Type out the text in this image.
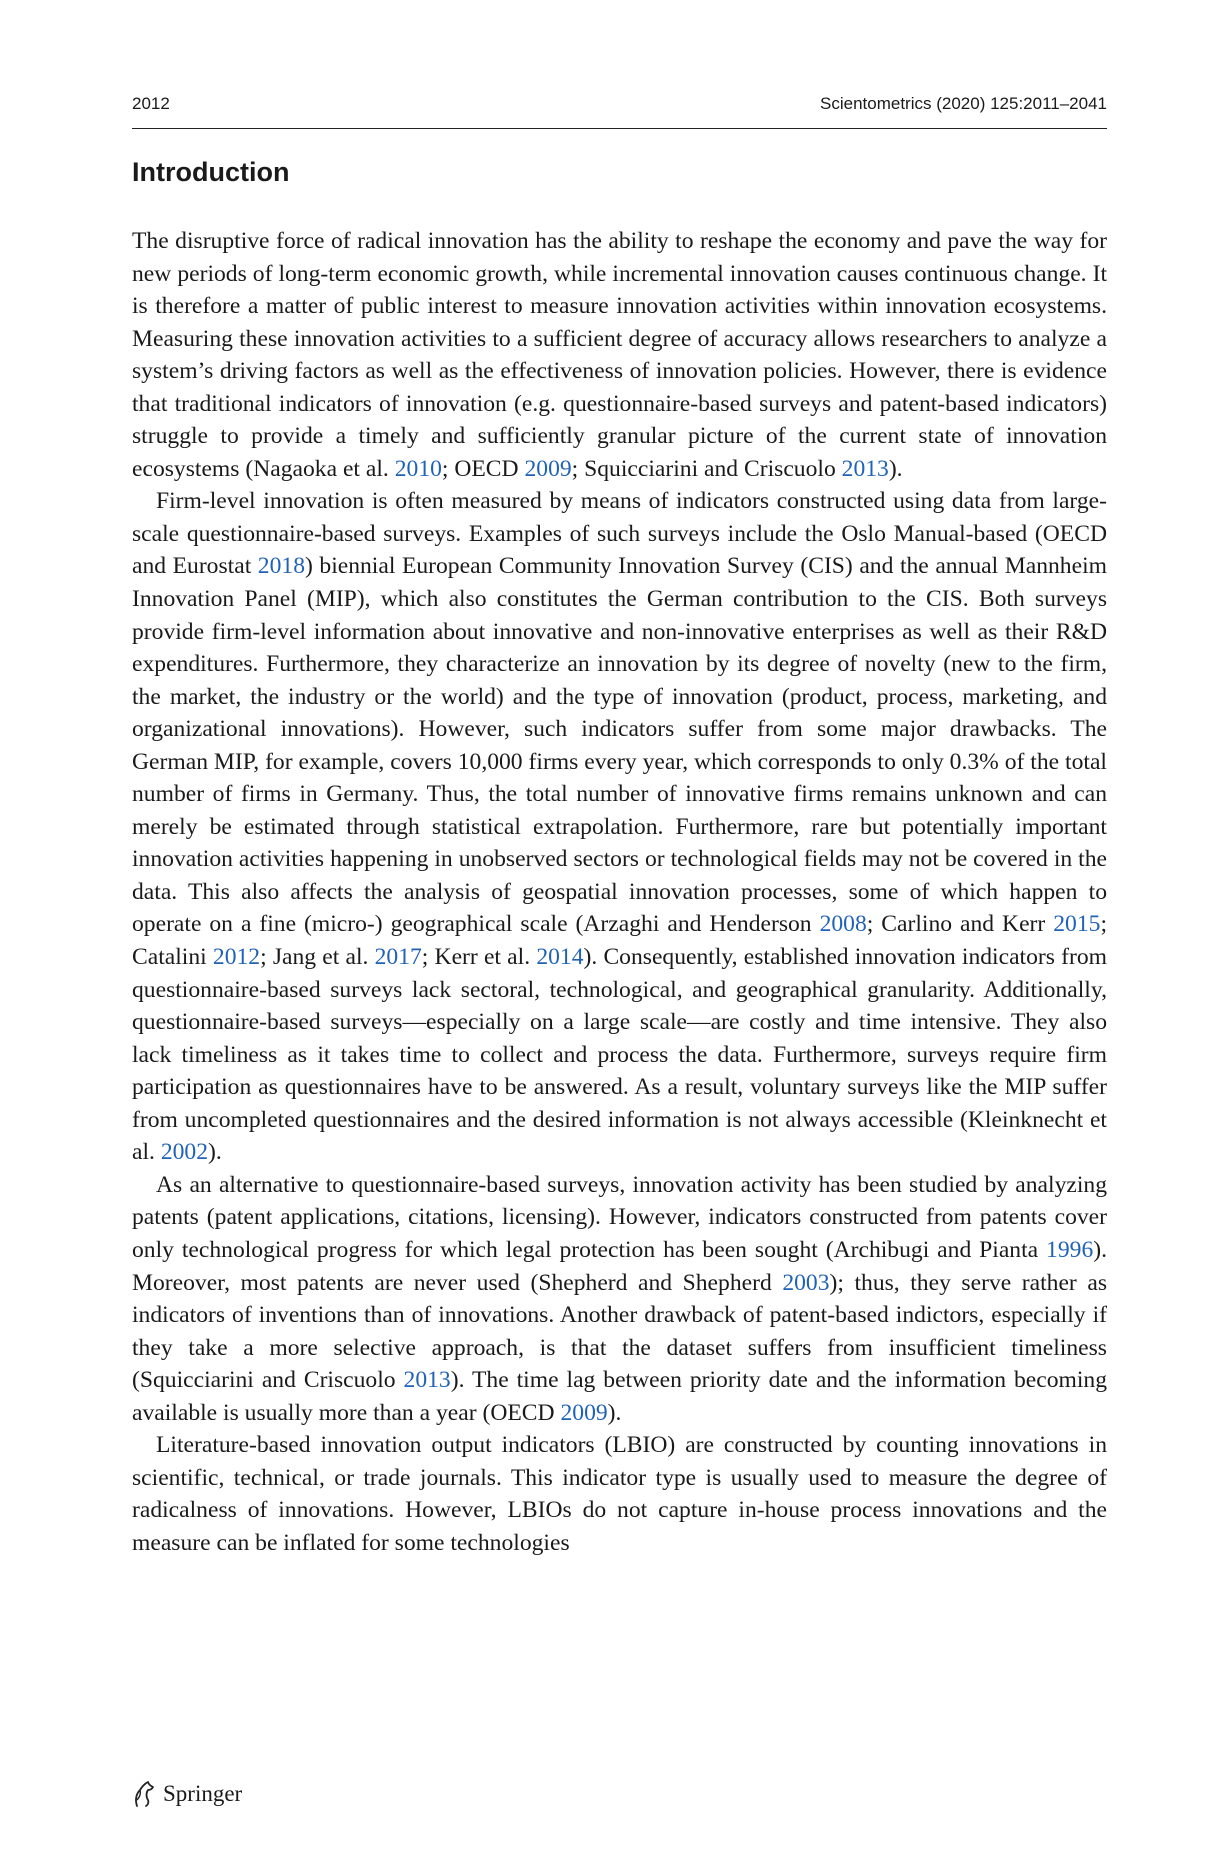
2012	Scientometrics (2020) 125:2011–2041
Introduction

The disruptive force of radical innovation has the ability to reshape the economy and pave the way for new periods of long-term economic growth, while incremental innovation causes continuous change. It is therefore a matter of public interest to measure innovation activities within innovation ecosystems. Measuring these innovation activities to a sufficient degree of accuracy allows researchers to analyze a system’s driving factors as well as the effectiveness of innovation policies. However, there is evidence that traditional indicators of innovation (e.g. questionnaire-based surveys and patent-based indicators) struggle to provide a timely and sufficiently granular picture of the current state of innovation ecosystems (Nagaoka et al. 2010; OECD 2009; Squicciarini and Criscuolo 2013).

Firm-level innovation is often measured by means of indicators constructed using data from large-scale questionnaire-based surveys. Examples of such surveys include the Oslo Manual-based (OECD and Eurostat 2018) biennial European Community Innovation Survey (CIS) and the annual Mannheim Innovation Panel (MIP), which also constitutes the German contribution to the CIS. Both surveys provide firm-level information about innovative and non-innovative enterprises as well as their R&D expenditures. Furthermore, they characterize an innovation by its degree of novelty (new to the firm, the market, the industry or the world) and the type of innovation (product, process, marketing, and organizational innovations). However, such indicators suffer from some major drawbacks. The German MIP, for example, covers 10,000 firms every year, which corresponds to only 0.3% of the total number of firms in Germany. Thus, the total number of innovative firms remains unknown and can merely be estimated through statistical extrapolation. Furthermore, rare but potentially important innovation activities happening in unobserved sectors or technological fields may not be covered in the data. This also affects the analysis of geospatial innovation processes, some of which happen to operate on a fine (micro-) geographical scale (Arzaghi and Henderson 2008; Carlino and Kerr 2015; Catalini 2012; Jang et al. 2017; Kerr et al. 2014). Consequently, established innovation indicators from questionnaire-based surveys lack sectoral, technological, and geographical granularity. Additionally, questionnaire-based surveys—especially on a large scale—are costly and time intensive. They also lack timeliness as it takes time to collect and process the data. Furthermore, surveys require firm participation as questionnaires have to be answered. As a result, voluntary surveys like the MIP suffer from uncompleted questionnaires and the desired information is not always accessible (Kleinknecht et al. 2002).

As an alternative to questionnaire-based surveys, innovation activity has been studied by analyzing patents (patent applications, citations, licensing). However, indicators constructed from patents cover only technological progress for which legal protection has been sought (Archibugi and Pianta 1996). Moreover, most patents are never used (Shepherd and Shepherd 2003); thus, they serve rather as indicators of inventions than of innovations. Another drawback of patent-based indictors, especially if they take a more selective approach, is that the dataset suffers from insufficient timeliness (Squicciarini and Criscuolo 2013). The time lag between priority date and the information becoming available is usually more than a year (OECD 2009).

Literature-based innovation output indicators (LBIO) are constructed by counting innovations in scientific, technical, or trade journals. This indicator type is usually used to measure the degree of radicalness of innovations. However, LBIOs do not capture in-house process innovations and the measure can be inflated for some technologies

Springer
